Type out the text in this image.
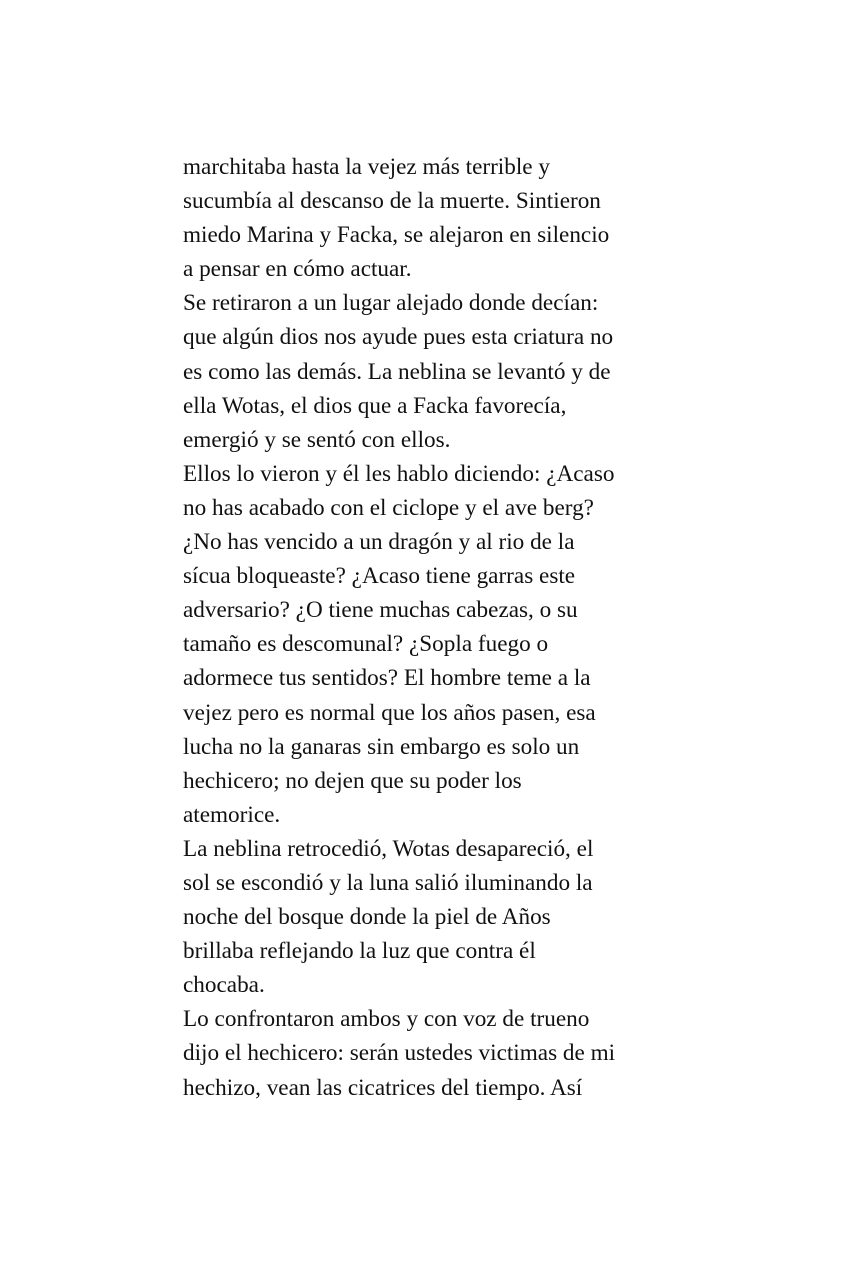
marchitaba hasta la vejez más terrible y
sucumbía al descanso de la muerte. Sintieron
miedo Marina y Facka, se alejaron en silencio
a pensar en cómo actuar.
Se retiraron a un lugar alejado donde decían:
que algún dios nos ayude pues esta criatura no
es como las demás. La neblina se levantó y de
ella Wotas, el dios que a Facka favorecía,
emergió y se sentó con ellos.
Ellos lo vieron y él les hablo diciendo: ¿Acaso
no has acabado con el ciclope y el ave berg?
¿No has vencido a un dragón y al rio de la
sícua bloqueaste? ¿Acaso tiene garras este
adversario? ¿O tiene muchas cabezas, o su
tamaño es descomunal? ¿Sopla fuego o
adormece tus sentidos? El hombre teme a la
vejez pero es normal que los años pasen, esa
lucha no la ganaras sin embargo es solo un
hechicero; no dejen que su poder los
atemorice.
La neblina retrocedió, Wotas desapareció, el
sol se escondió y la luna salió iluminando la
noche del bosque donde la piel de Años
brillaba reflejando la luz que contra él
chocaba.
Lo confrontaron ambos y con voz de trueno
dijo el hechicero: serán ustedes victimas de mi
hechizo, vean las cicatrices del tiempo. Así
